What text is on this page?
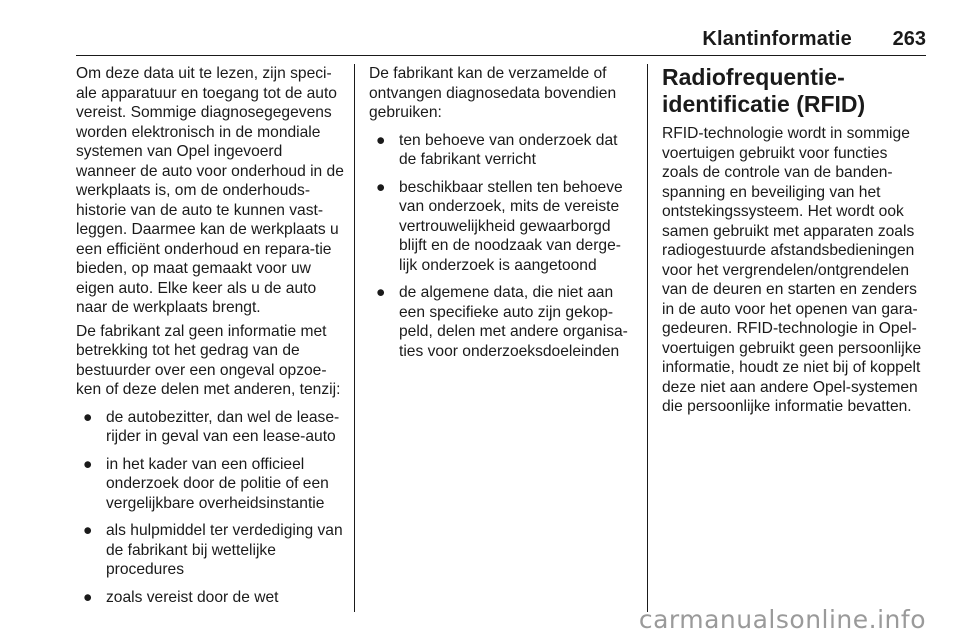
Klantinformatie 263

Om deze data uit te lezen, zijn speci-ale apparatuur en toegang tot de auto vereist. Sommige diagnosegegevens worden elektronisch in de mondiale systemen van Opel ingevoerd wanneer de auto voor onderhoud in de werkplaats is, om de onderhouds-historie van de auto te kunnen vast-leggen. Daarmee kan de werkplaats u een efficiënt onderhoud en repara-tie bieden, op maat gemaakt voor uw eigen auto. Elke keer als u de auto naar de werkplaats brengt.

De fabrikant zal geen informatie met betrekking tot het gedrag van de bestuurder over een ongeval opzoe-ken of deze delen met anderen, tenzij:

● de autobezitter, dan wel de lease-rijder in geval van een lease-auto
● in het kader van een officieel onderzoek door de politie of een vergelijkbare overheidsinstantie
● als hulpmiddel ter verdediging van de fabrikant bij wettelijke procedures
● zoals vereist door de wet

De fabrikant kan de verzamelde of ontvangen diagnosedata bovendien gebruiken:

● ten behoeve van onderzoek dat de fabrikant verricht
● beschikbaar stellen ten behoeve van onderzoek, mits de vereiste vertrouwelijkheid gewaarborgd blijft en de noodzaak van derge-lijk onderzoek is aangetoond
● de algemene data, die niet aan een specifieke auto zijn gekop-peld, delen met andere organisa-ties voor onderzoeksdoeleinden
Radiofrequentie-identificatie (RFID)

RFID-technologie wordt in sommige voertuigen gebruikt voor functies zoals de controle van de banden-spanning en beveiliging van het ontstekingssysteem. Het wordt ook samen gebruikt met apparaten zoals radiogestuurde afstandsbedieningen voor het vergrendelen/ontgrendelen van de deuren en starten en zenders in de auto voor het openen van gara-gedeuren. RFID-technologie in Opel-voertuigen gebruikt geen persoonlijke informatie, houdt ze niet bij of koppelt deze niet aan andere Opel-systemen die persoonlijke informatie bevatten.

carmanualsonline.info
